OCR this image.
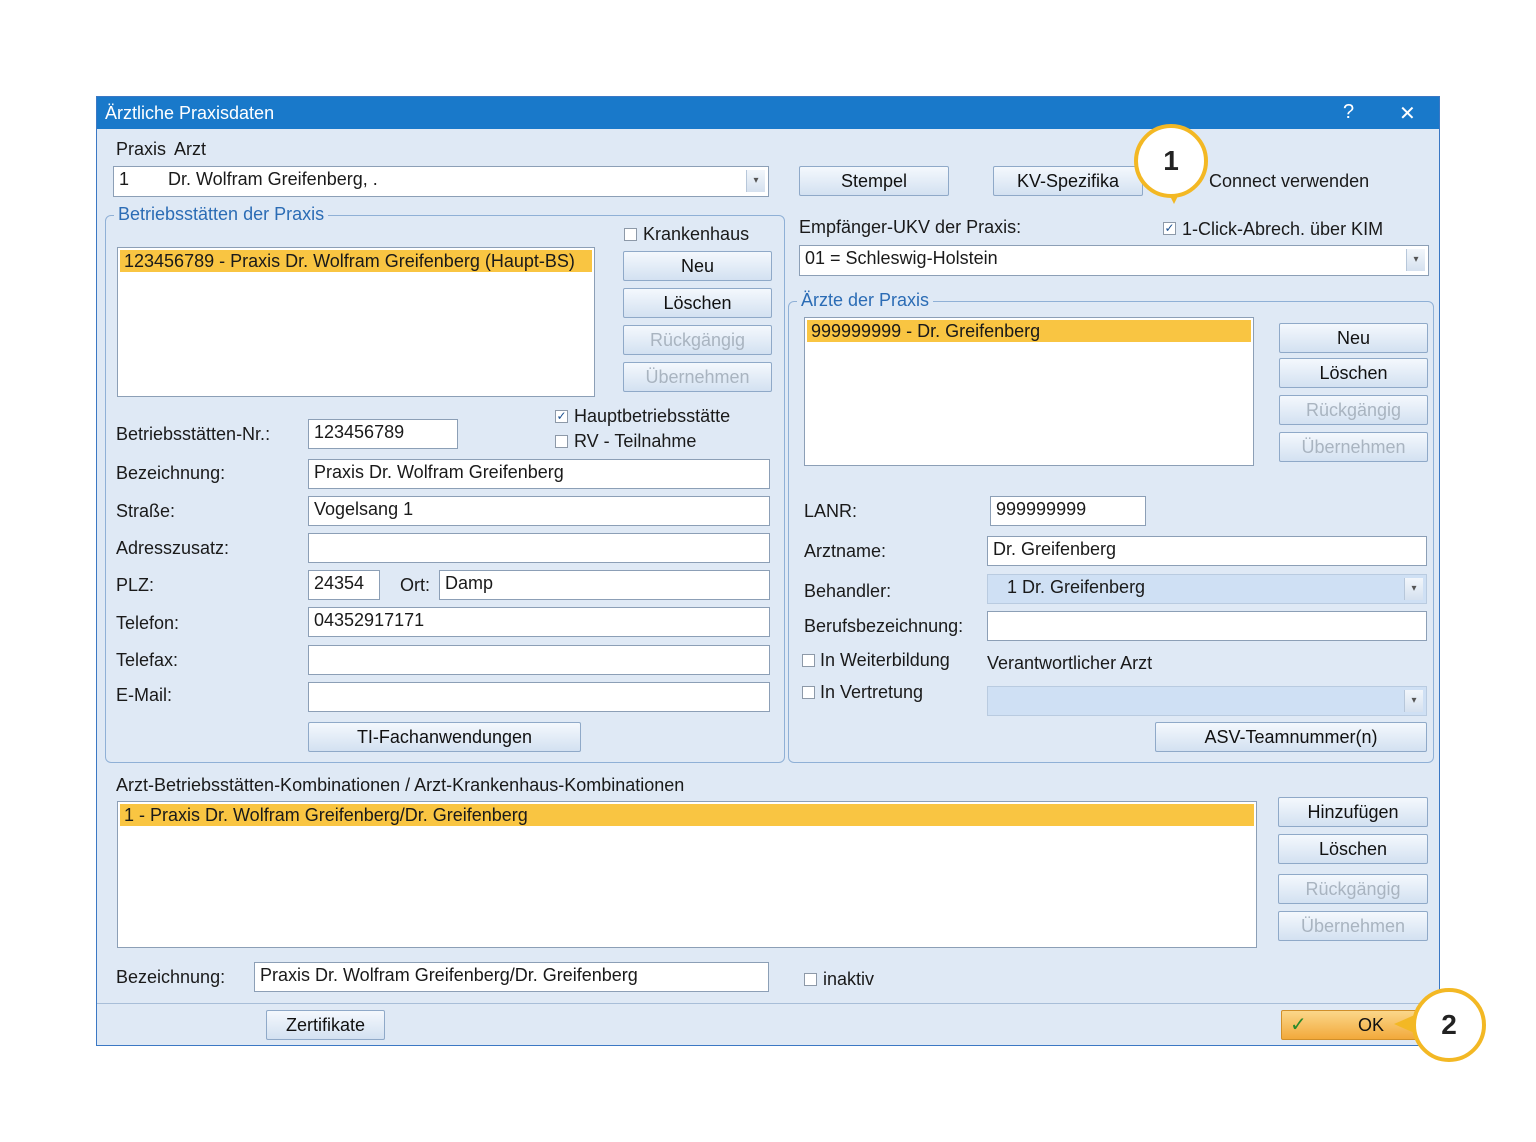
Ärztliche Praxisdaten	? ✕
Praxis Arzt
1 Dr. Wolfram Greifenberg, .	▾	Stempel	KV-Spezifika	Connect verwenden
Betriebsstätten der Praxis
123456789 - Praxis Dr. Wolfram Greifenberg (Haupt-BS)
Krankenhaus
Neu
Löschen
Rückgängig
Übernehmen
✓ Hauptbetriebsstätte
RV - Teilnahme
Betriebsstätten-Nr.:	123456789
Bezeichnung:	Praxis Dr. Wolfram Greifenberg
Straße:	Vogelsang 1
Adresszusatz:
PLZ:	24354	Ort: Damp
Telefon:	04352917171
Telefax:
E-Mail:
TI-Fachanwendungen
Empfänger-UKV der Praxis:	✓ 1-Click-Abrech. über KIM
01 = Schleswig-Holstein	▾
Ärzte der Praxis
999999999 - Dr. Greifenberg	Neu
Löschen
Rückgängig
Übernehmen
LANR:	999999999
Arztname:	Dr. Greifenberg
Behandler:	1 Dr. Greifenberg	▾
Berufsbezeichnung:
In Weiterbildung Verantwortlicher Arzt
In Vertretung	▾
ASV-Teamnummer(n)
Arzt-Betriebsstätten-Kombinationen / Arzt-Krankenhaus-Kombinationen
1 - Praxis Dr. Wolfram Greifenberg/Dr. Greifenberg	Hinzufügen
Löschen
Rückgängig
Übernehmen
Bezeichnung:	Praxis Dr. Wolfram Greifenberg/Dr. Greifenberg	inaktiv
Zertifikate	✓	OK
1
2
